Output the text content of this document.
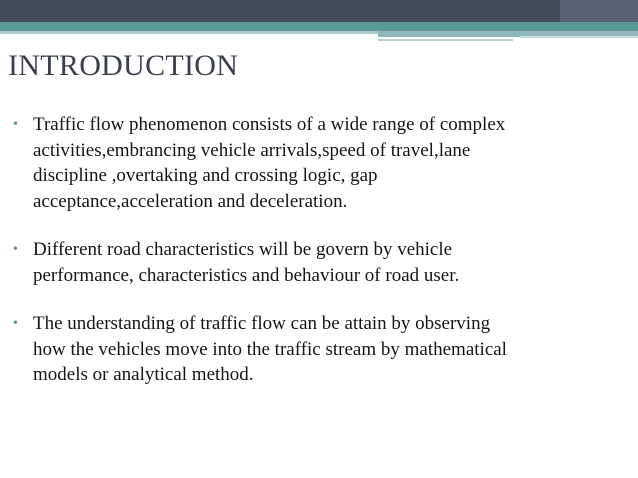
INTRODUCTION
• Traffic flow phenomenon consists of a wide range of complex
activities,embrancing vehicle arrivals,speed of travel,lane
discipline ,overtaking and crossing logic, gap
acceptance,acceleration and deceleration.
• Different road characteristics will be govern by vehicle
performance, characteristics and behaviour of road user.
• The understanding of traffic flow can be attain by observing
how the vehicles move into the traffic stream by mathematical
models or analytical method.
